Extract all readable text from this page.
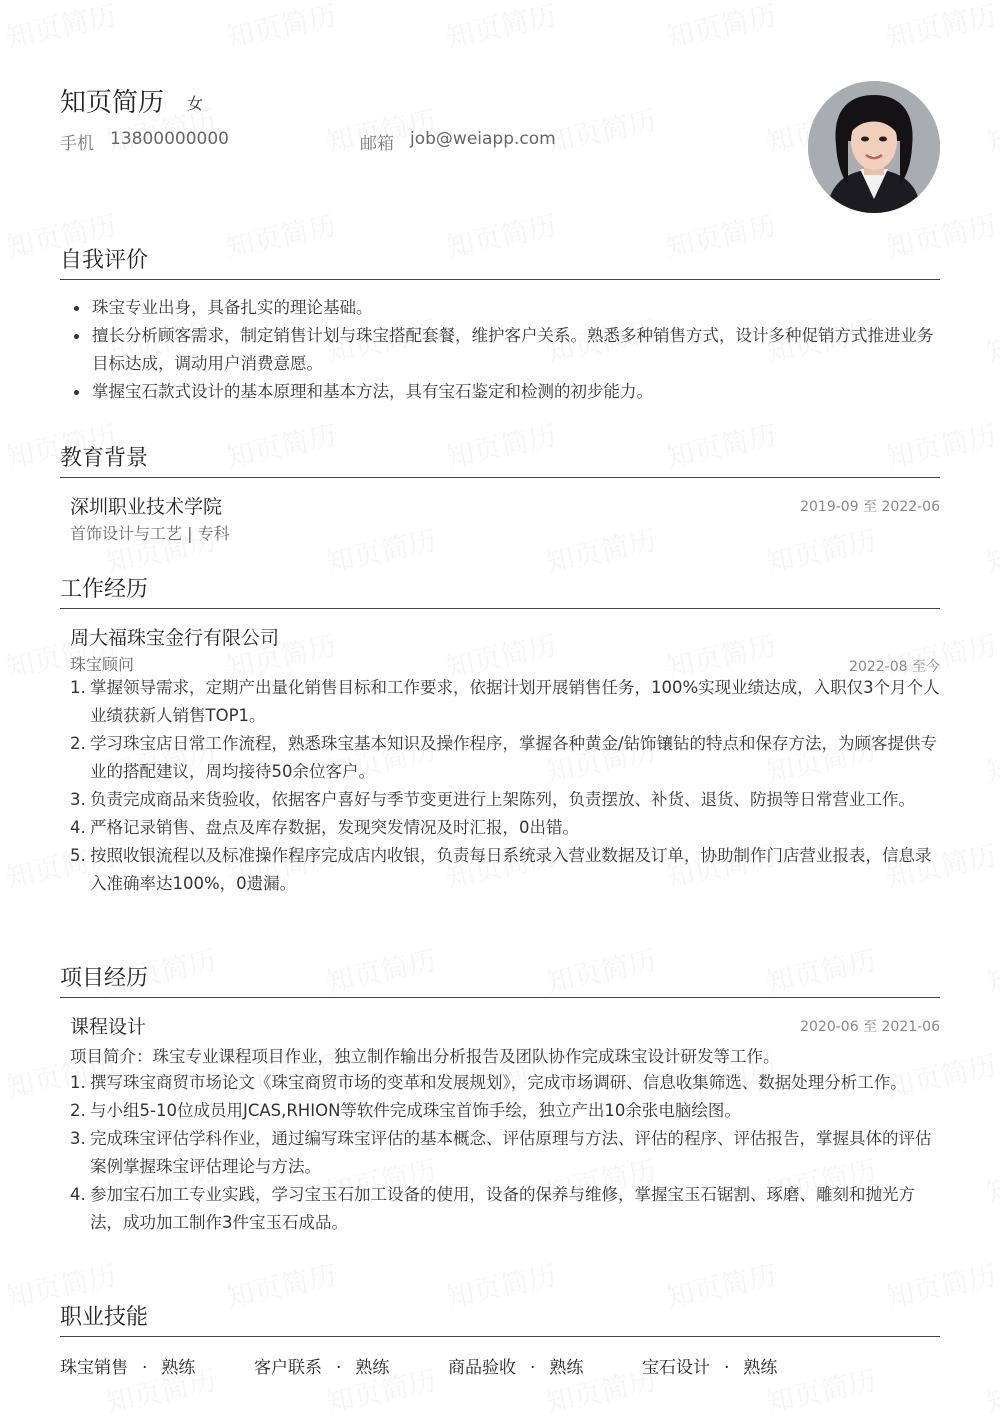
知页简历 女
手机 13800000000	邮箱 job@weiapp.com
自我评价
珠宝专业出身，具备扎实的理论基础。
擅长分析顾客需求，制定销售计划与珠宝搭配套餐，维护客户关系。熟悉多种销售方式，设计多种促销方式推进业务目标达成，调动用户消费意愿。
掌握宝石款式设计的基本原理和基本方法，具有宝石鉴定和检测的初步能力。
教育背景
深圳职业技术学院	2019-09 至 2022-06
首饰设计与工艺 | 专科
工作经历
周大福珠宝金行有限公司
珠宝顾问	2022-08 至今
1. 掌握领导需求，定期产出量化销售目标和工作要求，依据计划开展销售任务，100%实现业绩达成，入职仅3个月个人业绩获新人销售TOP1。
2. 学习珠宝店日常工作流程，熟悉珠宝基本知识及操作程序，掌握各种黄金/钻饰镶钻的特点和保存方法，为顾客提供专业的搭配建议，周均接待50余位客户。
3. 负责完成商品来货验收，依据客户喜好与季节变更进行上架陈列，负责摆放、补货、退货、防损等日常营业工作。
4. 严格记录销售、盘点及库存数据，发现突发情况及时汇报，0出错。
5. 按照收银流程以及标准操作程序完成店内收银，负责每日系统录入营业数据及订单，协助制作门店营业报表，信息录入准确率达100%，0遗漏。
项目经历
课程设计	2020-06 至 2021-06
项目简介：珠宝专业课程项目作业，独立制作输出分析报告及团队协作完成珠宝设计研发等工作。
1. 撰写珠宝商贸市场论文《珠宝商贸市场的变革和发展规划》，完成市场调研、信息收集筛选、数据处理分析工作。
2. 与小组5-10位成员用JCAS,RHION等软件完成珠宝首饰手绘，独立产出10余张电脑绘图。
3. 完成珠宝评估学科作业，通过编写珠宝评估的基本概念、评估原理与方法、评估的程序、评估报告，掌握具体的评估案例掌握珠宝评估理论与方法。
4. 参加宝石加工专业实践，学习宝玉石加工设备的使用，设备的保养与维修，掌握宝玉石锯割、琢磨、雕刻和抛光方法，成功加工制作3件宝玉石成品。
职业技能
珠宝销售 · 熟练	客户联系 · 熟练	商品验收 · 熟练	宝石设计 · 熟练
